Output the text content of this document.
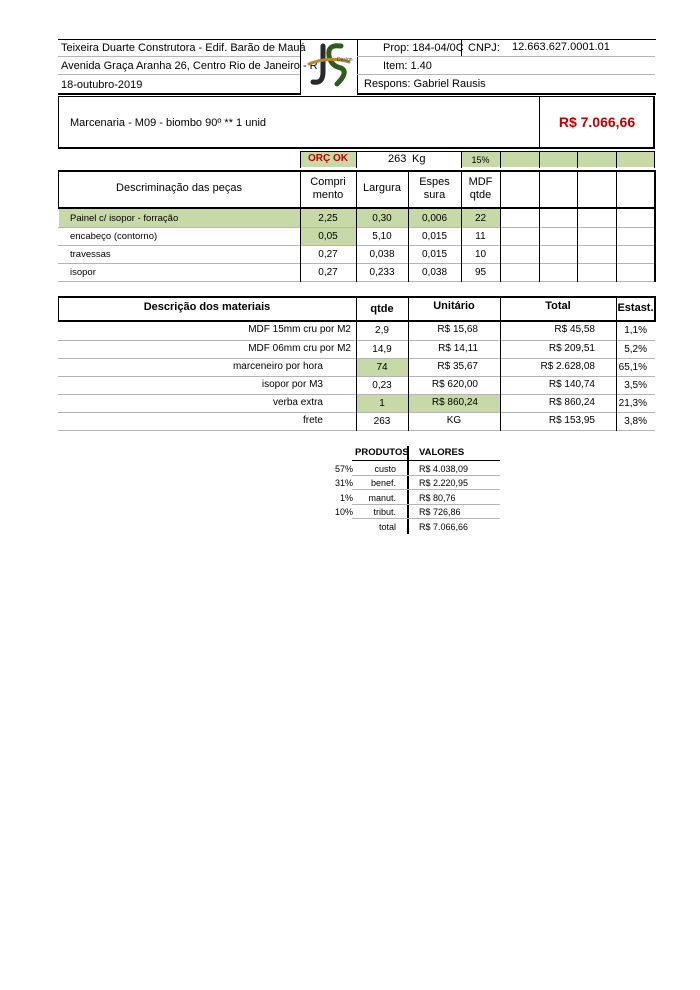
Teixeira Duarte Construtora - Edif. Barão de Mauá
Avenida Graça Aranha 26, Centro Rio de Janeiro - R
18-outubro-2019
Design
Prop: 184-04/0C CNPJ: 12.663.627.0001.01
Item: 1.40
Respons: Gabriel Rausis
Marcenaria - M09 - biombo 90º ** 1 unid	R$ 7.066,66
ORÇ OK	263 Kg	15%
Descriminação das peças	Compri
mento
Largura	Espes
sura
MDF
qtde
Painel c/ isopor - forração	2,25	0,30	0,006	22
encabeço (contorno)	0,05	5,10	0,015	11
travessas	0,27	0,038	0,015	10
isopor	0,27	0,233	0,038	95
Descrição dos materiais	qtde	Unitário	Total	Estast.
MDF 15mm cru por M2	2,9	R$ 15,68	R$ 45,58	1,1%
MDF 06mm cru por M2	14,9	R$ 14,11	R$ 209,51	5,2%
marceneiro por hora	74	R$ 35,67	R$ 2.628,08 65,1%
isopor por M3	0,23	R$ 620,00	R$ 140,74	3,5%
verba extra	1	R$ 860,24	R$ 860,24 21,3%
frete	263	KG	R$ 153,95	3,8%
PRODUTOS VALORES
57%	custo	R$ 4.038,09
31%	benef.	R$ 2.220,95
1%	manut.	R$ 80,76
10%	tribut.	R$ 726,86
total	R$ 7.066,66
